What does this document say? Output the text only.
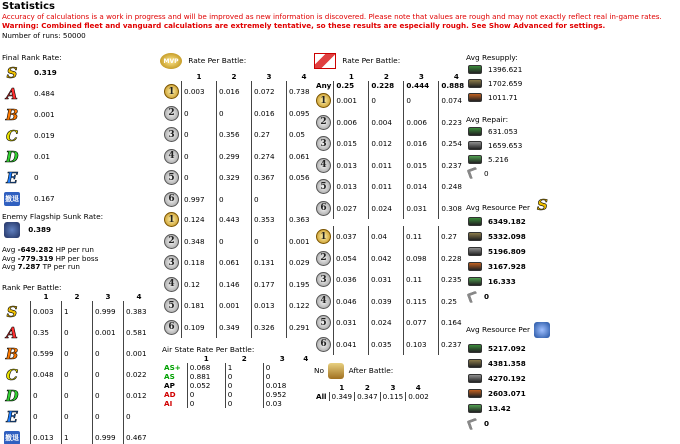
Statistics
Accuracy of calculations is a work in progress and will be improved as new information is discovered. Please note that values are rough and may not exactly reflect real in-game rates.
Warning: Combined fleet and vanguard calculations are extremely tentative, so these results are especially rough. See Show Advanced for settings.
Number of runs: 50000
Final Rank Rate:
S	0.319
A	0.484
B 0.001
C 0.019
D 0.01
E	0
撤退 0.167
Enemy Flagship Sunk Rate:
0.389
Avg -649.282 HP per run
Avg -779.319 HP per boss
Avg 7.287 TP per run
Rank Per Battle:
	1	2	3	4
S	0.003	1	0.999	0.383
A	0.35	0	0.001	0.581
B	0.599	0	0	0.001
C	0.048	0	0	0.022
D	0	0	0	0.012
E	0	0	0	0
撤退	0.013	1	0.999	0.467
MVP Rate Per Battle:
	1	2	3	4
1	0.003	0.016	0.072	0.738
2	0	0	0.016	0.095
3	0	0.356	0.27	0.05
4	0	0.299	0.274	0.061
5	0	0.329	0.367	0.056
6	0.997	0	0	
1	0.124	0.443	0.353	0.363
2	0.348	0	0	0.001
3	0.118	0.061	0.131	0.029
4	0.12	0.146	0.177	0.195
5	0.181	0.001	0.013	0.122
6	0.109	0.349	0.326	0.291
Air State Rate Per Battle:
	1	2	3	4
AS+	0.068	1	0	
AS	0.881	0	0	
AP	0.052	0	0.018	
AD	0	0	0.952	
AI	0	0	0.03	
Rate Per Battle:
	1	2	3	4
Any	0.25	0.228	0.444	0.888
1	0.001	0	0	0.074
2	0.006	0.004	0.006	0.223
3	0.015	0.012	0.016	0.254
4	0.013	0.011	0.015	0.237
5	0.013	0.011	0.014	0.248
6	0.027	0.024	0.031	0.308
1	0.037	0.04	0.11	0.27
2	0.054	0.042	0.098	0.228
3	0.036	0.031	0.11	0.235
4	0.046	0.039	0.115	0.25
5	0.031	0.024	0.077	0.164
6	0.041	0.035	0.103	0.237
No	After Battle:
	1	2	3	4
All	0.349	0.347	0.115	0.002
Avg Resupply:
1396.621
1702.659
1011.71
Avg Repair:
631.053
1659.653
5.216
0
Avg Resource Per S
6349.182
5332.098
5196.809
3167.928
16.333
0
Avg Resource Per
5217.092
4381.358
4270.192
2603.071
13.42
0
